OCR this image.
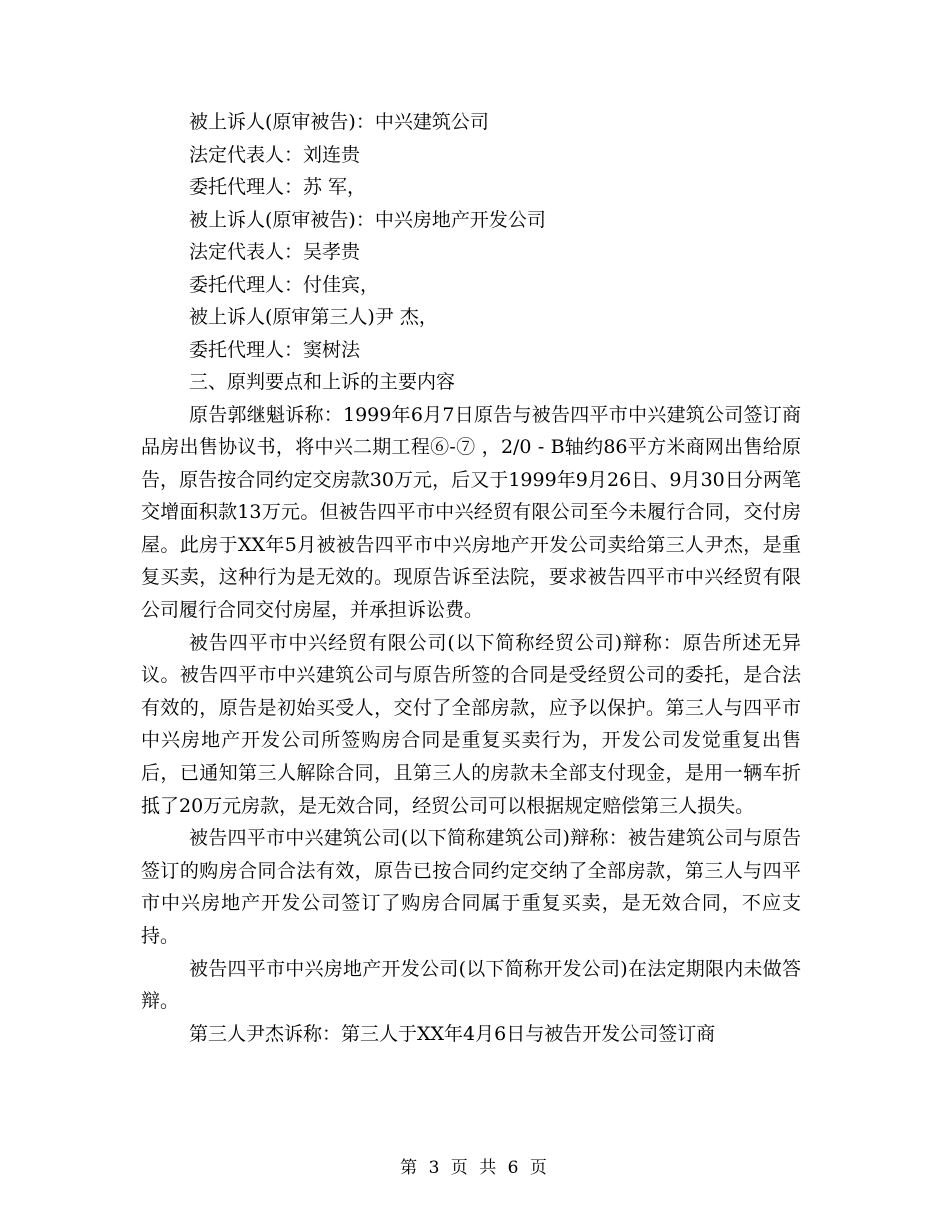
被上诉人(原审被告)：中兴建筑公司

法定代表人：刘连贵

委托代理人：苏 军，

被上诉人(原审被告)：中兴房地产开发公司

法定代表人：吴孝贵

委托代理人：付佳宾，

被上诉人(原审第三人)尹 杰，

委托代理人：窦树法

三、原判要点和上诉的主要内容

原告郭继魁诉称：1999年6月7日原告与被告四平市中兴建筑公司签订商品房出售协议书，将中兴二期工程⑥-⑦ ，2/0 - B轴约86平方米商网出售给原告，原告按合同约定交房款30万元，后又于1999年9月26日、9月30日分两笔交增面积款13万元。但被告四平市中兴经贸有限公司至今未履行合同，交付房屋。此房于XX年5月被被告四平市中兴房地产开发公司卖给第三人尹杰，是重复买卖，这种行为是无效的。现原告诉至法院，要求被告四平市中兴经贸有限公司履行合同交付房屋，并承担诉讼费。

被告四平市中兴经贸有限公司(以下简称经贸公司)辩称：原告所述无异议。被告四平市中兴建筑公司与原告所签的合同是受经贸公司的委托，是合法有效的，原告是初始买受人，交付了全部房款，应予以保护。第三人与四平市中兴房地产开发公司所签购房合同是重复买卖行为，开发公司发觉重复出售后，已通知第三人解除合同，且第三人的房款未全部支付现金，是用一辆车折抵了20万元房款，是无效合同，经贸公司可以根据规定赔偿第三人损失。

被告四平市中兴建筑公司(以下简称建筑公司)辩称：被告建筑公司与原告签订的购房合同合法有效，原告已按合同约定交纳了全部房款，第三人与四平市中兴房地产开发公司签订了购房合同属于重复买卖，是无效合同，不应支持。

被告四平市中兴房地产开发公司(以下简称开发公司)在法定期限内未做答辩。

第三人尹杰诉称：第三人于XX年4月6日与被告开发公司签订商

第 3 页 共 6 页
